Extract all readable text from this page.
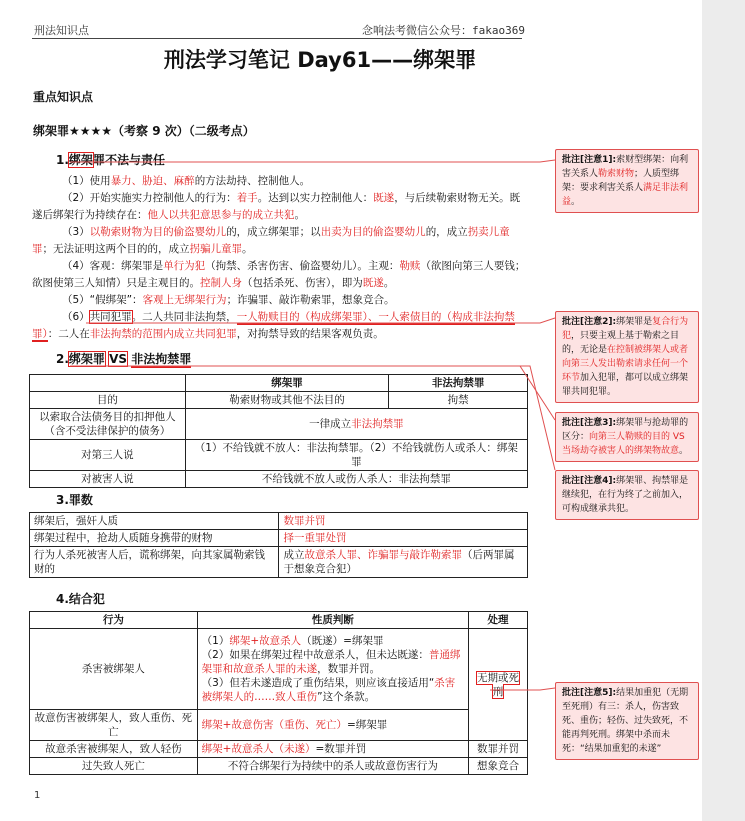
刑法知识点	念响法考微信公众号：fakao369
刑法学习笔记 Day61——绑架罪
重点知识点
绑架罪★★★★（考察 9 次）（二级考点）
1.绑架罪不法与责任
（1）使用暴力、胁迫、麻醉的方法劫持、控制他人。
（2）开始实施实力控制他人的行为：着手。达到以实力控制他人：既遂，与后续勒索财物无关。既遂后绑架行为持续存在：他人以共犯意思参与的成立共犯。
（3）以勒索财物为目的偷盗婴幼儿的，成立绑架罪；以出卖为目的偷盗婴幼儿的，成立拐卖儿童罪；无法证明这两个目的的，成立拐骗儿童罪。
（4）客观：绑架罪是单行为犯（拘禁、杀害伤害、偷盗婴幼儿）。主观：勒赎（欲图向第三人要钱；欲图使第三人知情）只是主观目的。控制人身（包括杀死、伤害），即为既遂。
（5）“假绑架”：客观上无绑架行为；诈骗罪、敲诈勒索罪，想象竞合。
（6）共同犯罪。二人共同非法拘禁，一人勒赎目的（构成绑架罪）、一人索债目的（构成非法拘禁罪）：二人在非法拘禁的范围内成立共同犯罪，对拘禁导致的结果客观负责。
2.绑架罪 VS 非法拘禁罪
	绑架罪	非法拘禁罪
目的	勒索财物或其他不法目的	拘禁
以索取合法债务目的扣押他人（含不受法律保护的债务）	一律成立非法拘禁罪	
对第三人说	（1）不给钱就不放人：非法拘禁罪。（2）不给钱就伤人或杀人：绑架罪	
对被害人说	不给钱就不放人或伤人杀人：非法拘禁罪	
3.罪数
绑架后，强奸人质	数罪并罚
绑架过程中，抢劫人质随身携带的财物	择一重罪处罚
行为人杀死被害人后，谎称绑架，向其家属勒索钱财的	成立故意杀人罪、诈骗罪与敲诈勒索罪（后两罪属于想象竞合犯）
4.结合犯
行为	性质判断	处理
杀害被绑架人	（1）绑架+故意杀人（既遂）=绑架罪
（2）如果在绑架过程中故意杀人，但未达既遂：普通绑架罪和故意杀人罪的未遂，数罪并罚。
（3）但若未遂造成了重伤结果，则应该直接适用“杀害被绑架人的……致人重伤”这个条款。	无期或死刑
故意伤害被绑架人，致人重伤、死亡	绑架+故意伤害（重伤、死亡）=绑架罪	
故意杀害被绑架人，致人轻伤	绑架+故意杀人（未遂）=数罪并罚	数罪并罚
过失致人死亡	不符合绑架行为持续中的杀人或故意伤害行为	想象竞合
1
批注[注意1]:索财型绑架：向利害关系人勒索财物；人质型绑架：要求利害关系人满足非法利益。
批注[注意2]:绑架罪是复合行为犯，只要主观上基于勒索之目的，无论是在控制被绑架人或者向第三人发出勒索请求任何一个环节加入犯罪，都可以成立绑架罪共同犯罪。
批注[注意3]:绑架罪与抢劫罪的区分：向第三人勒赎的目的 VS 当场劫夺被害人的绑架物故意。
批注[注意4]:绑架罪、拘禁罪是继续犯，在行为终了之前加入，可构成继承共犯。
批注[注意5]:结果加重犯（无期至死刑）有三：杀人，伤害致死、重伤；轻伤、过失致死，不能再判死刑。绑架中杀而未死：“结果加重犯的未遂”
